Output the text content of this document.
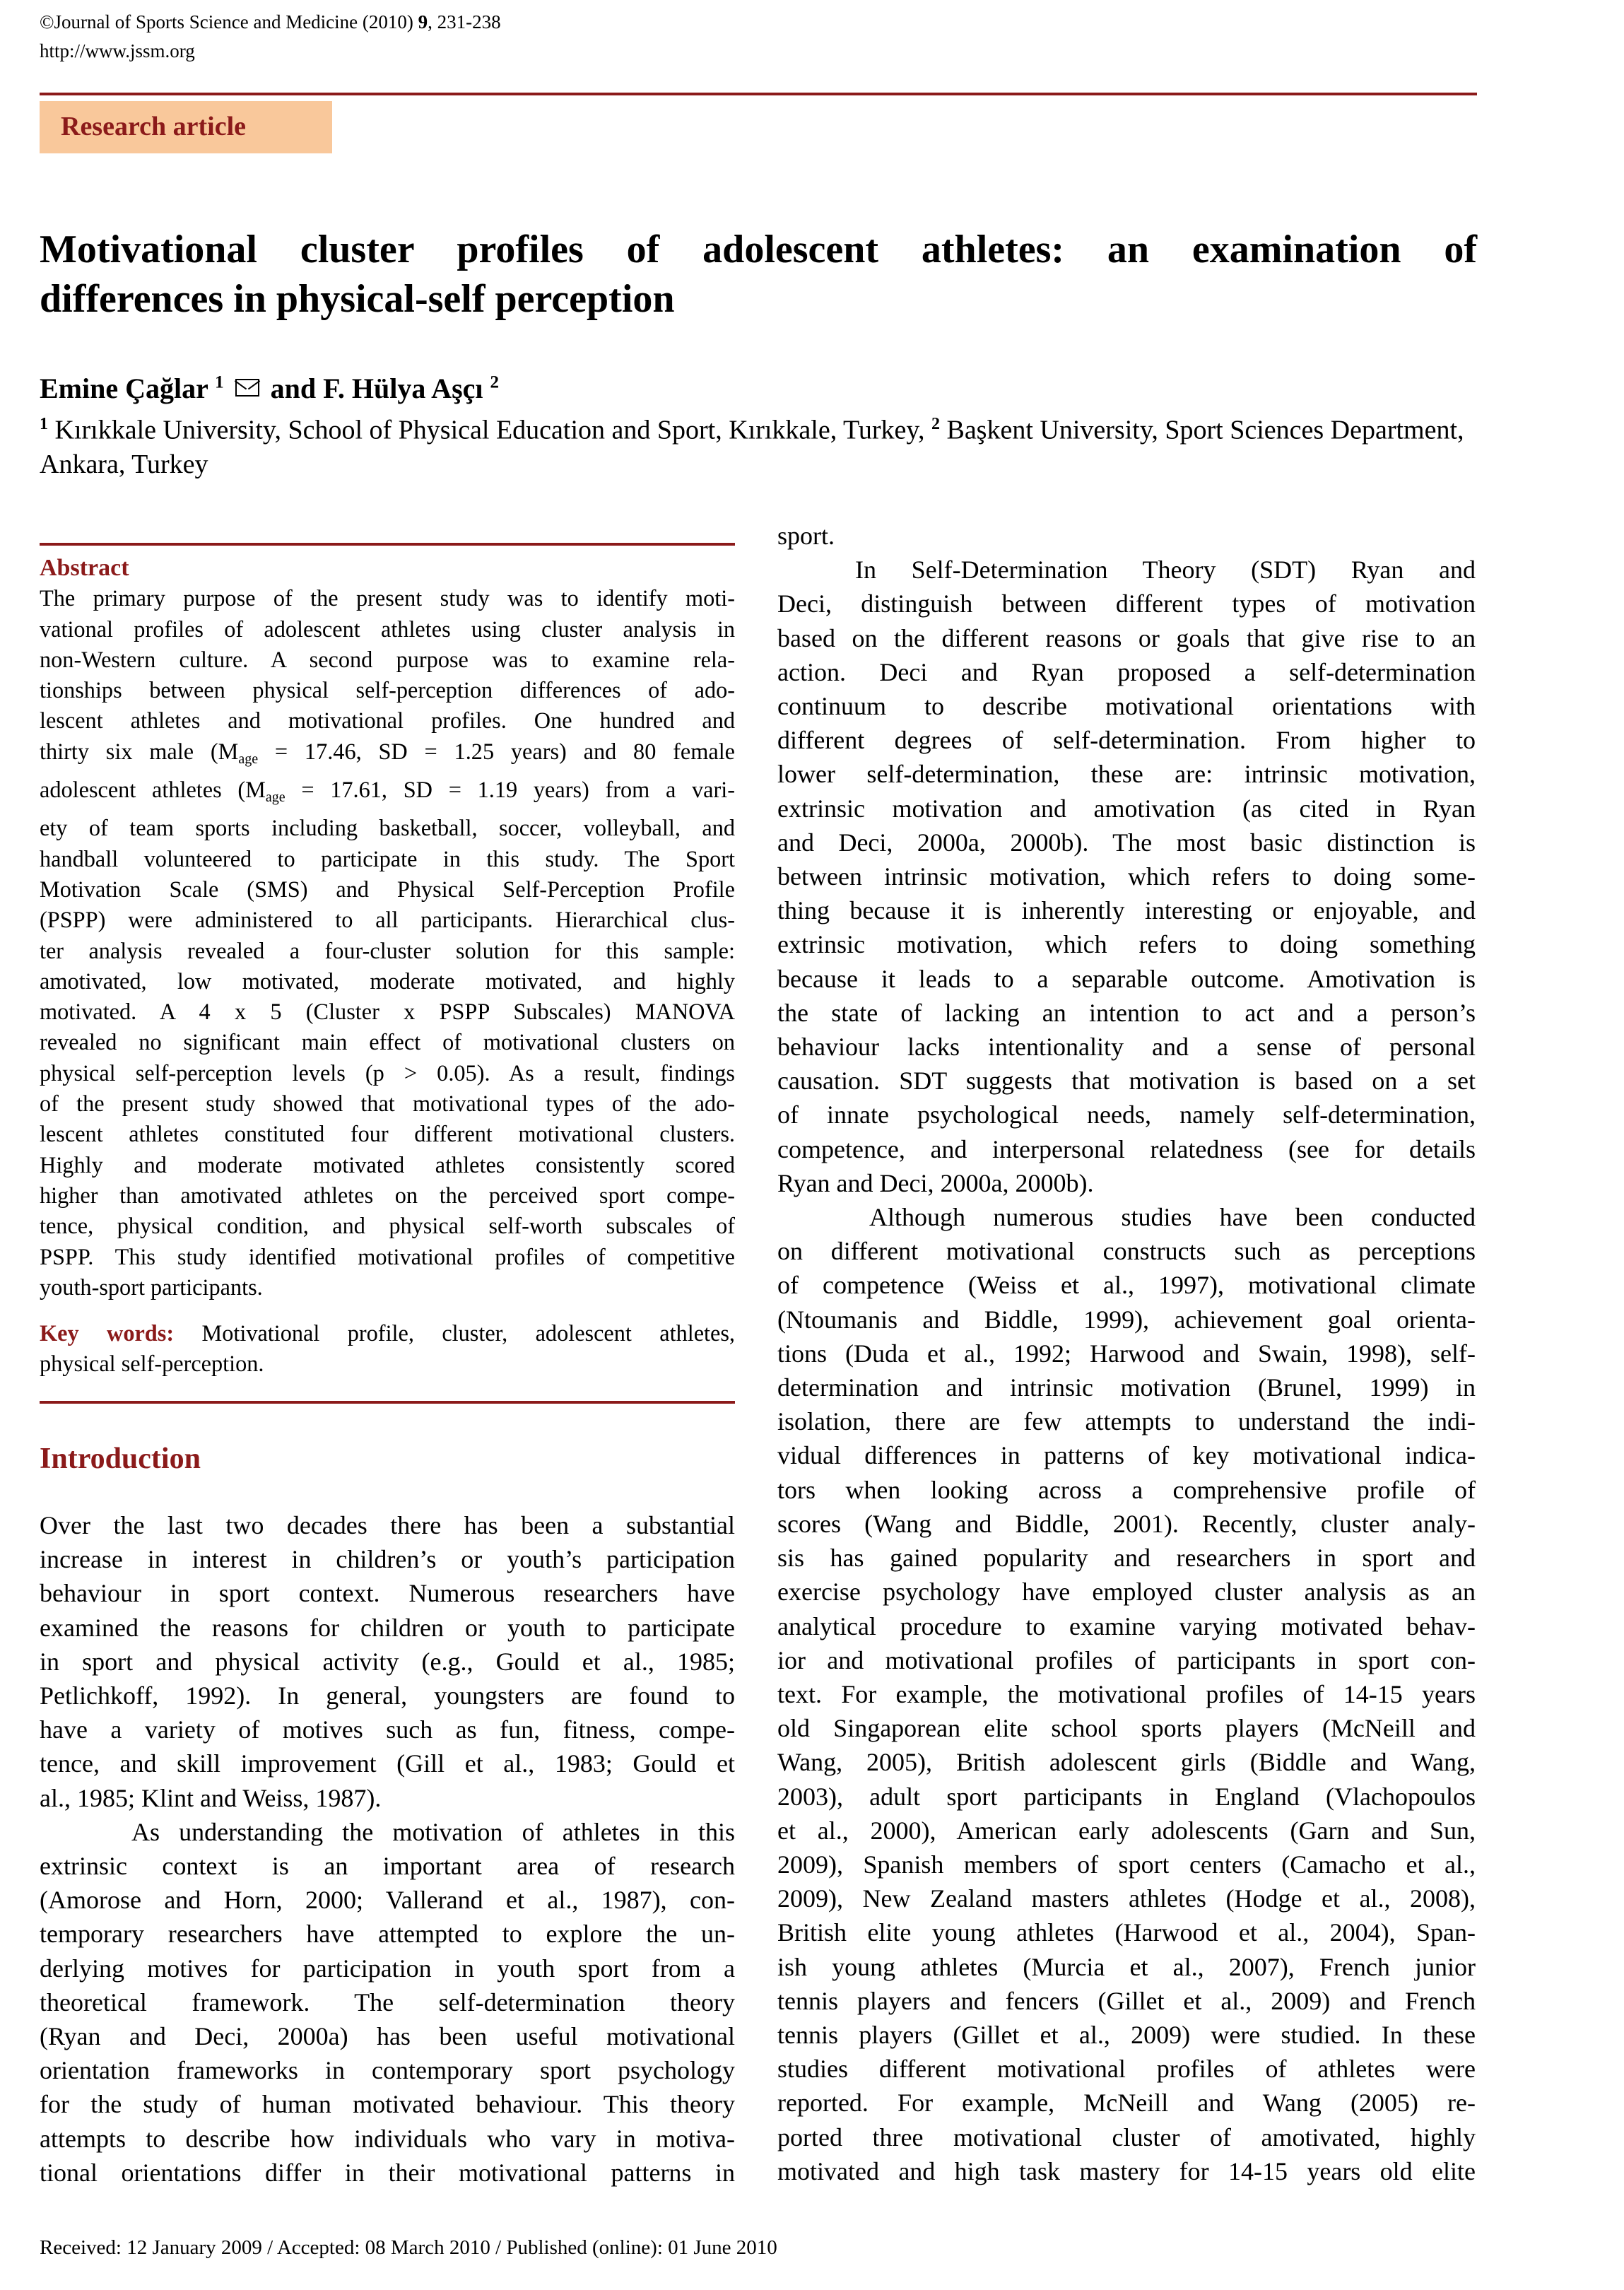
©Journal of Sports Science and Medicine (2010) 9, 231-238
http://www.jssm.org
Research article
Motivational cluster profiles of adolescent athletes: an examination of
differences in physical-self perception
Emine Çağlar $^1$ and F. Hülya Aşçı $^2$
$^1$ Kırıkkale University, School of Physical Education and Sport, Kırıkkale, Turkey, $^2$ Başkent University, Sport Sciences Department, Ankara, Turkey

Abstract

The primary purpose of the present study was to identify moti-
vational profiles of adolescent athletes using cluster analysis in
non-Western culture. A second purpose was to examine rela-
tionships between physical self-perception differences of ado-
lescent athletes and motivational profiles. One hundred and
thirty six male ($M_{age} = 17.46$, SD = 1.25 years) and 80 female
adolescent athletes ($M_{age} = 17.61$, SD = 1.19 years) from a vari-
ety of team sports including basketball, soccer, volleyball, and
handball volunteered to participate in this study. The Sport
Motivation Scale (SMS) and Physical Self-Perception Profile
(PSPP) were administered to all participants. Hierarchical clus-
ter analysis revealed a four-cluster solution for this sample:
amotivated, low motivated, moderate motivated, and highly
motivated. A 4 x 5 (Cluster x PSPP Subscales) MANOVA
revealed no significant main effect of motivational clusters on
physical self-perception levels (p > 0.05). As a result, findings
of the present study showed that motivational types of the ado-
lescent athletes constituted four different motivational clusters.
Highly and moderate motivated athletes consistently scored
higher than amotivated athletes on the perceived sport compe-
tence, physical condition, and physical self-worth subscales of
PSPP. This study identified motivational profiles of competitive
youth-sport participants.

Key words: Motivational profile, cluster, adolescent athletes,
physical self-perception.

Introduction

Over the last two decades there has been a substantial
increase in interest in children’s or youth’s participation
behaviour in sport context. Numerous researchers have
examined the reasons for children or youth to participate
in sport and physical activity (e.g., Gould et al., 1985;
Petlichkoff, 1992). In general, youngsters are found to
have a variety of motives such as fun, fitness, compe-
tence, and skill improvement (Gill et al., 1983; Gould et
al., 1985; Klint and Weiss, 1987).

As understanding the motivation of athletes in this
extrinsic context is an important area of research
(Amorose and Horn, 2000; Vallerand et al., 1987), con-
temporary researchers have attempted to explore the un-
derlying motives for participation in youth sport from a
theoretical framework. The self-determination theory
(Ryan and Deci, 2000a) has been useful motivational
orientation frameworks in contemporary sport psychology
for the study of human motivated behaviour. This theory
attempts to describe how individuals who vary in motiva-
tional orientations differ in their motivational patterns in

sport.

In Self-Determination Theory (SDT) Ryan and
Deci, distinguish between different types of motivation
based on the different reasons or goals that give rise to an
action. Deci and Ryan proposed a self-determination
continuum to describe motivational orientations with
different degrees of self-determination. From higher to
lower self-determination, these are: intrinsic motivation,
extrinsic motivation and amotivation (as cited in Ryan
and Deci, 2000a, 2000b). The most basic distinction is
between intrinsic motivation, which refers to doing some-
thing because it is inherently interesting or enjoyable, and
extrinsic motivation, which refers to doing something
because it leads to a separable outcome. Amotivation is
the state of lacking an intention to act and a person’s
behaviour lacks intentionality and a sense of personal
causation. SDT suggests that motivation is based on a set
of innate psychological needs, namely self-determination,
competence, and interpersonal relatedness (see for details
Ryan and Deci, 2000a, 2000b).

Although numerous studies have been conducted
on different motivational constructs such as perceptions
of competence (Weiss et al., 1997), motivational climate
(Ntoumanis and Biddle, 1999), achievement goal orienta-
tions (Duda et al., 1992; Harwood and Swain, 1998), self-
determination and intrinsic motivation (Brunel, 1999) in
isolation, there are few attempts to understand the indi-
vidual differences in patterns of key motivational indica-
tors when looking across a comprehensive profile of
scores (Wang and Biddle, 2001). Recently, cluster analy-
sis has gained popularity and researchers in sport and
exercise psychology have employed cluster analysis as an
analytical procedure to examine varying motivated behav-
ior and motivational profiles of participants in sport con-
text. For example, the motivational profiles of 14-15 years
old Singaporean elite school sports players (McNeill and
Wang, 2005), British adolescent girls (Biddle and Wang,
2003), adult sport participants in England (Vlachopoulos
et al., 2000), American early adolescents (Garn and Sun,
2009), Spanish members of sport centers (Camacho et al.,
2009), New Zealand masters athletes (Hodge et al., 2008),
British elite young athletes (Harwood et al., 2004), Span-
ish young athletes (Murcia et al., 2007), French junior
tennis players and fencers (Gillet et al., 2009) and French
tennis players (Gillet et al., 2009) were studied. In these
studies different motivational profiles of athletes were
reported. For example, McNeill and Wang (2005) re-
ported three motivational cluster of amotivated, highly
motivated and high task mastery for 14-15 years old elite

Received: 12 January 2009 / Accepted: 08 March 2010 / Published (online): 01 June 2010
